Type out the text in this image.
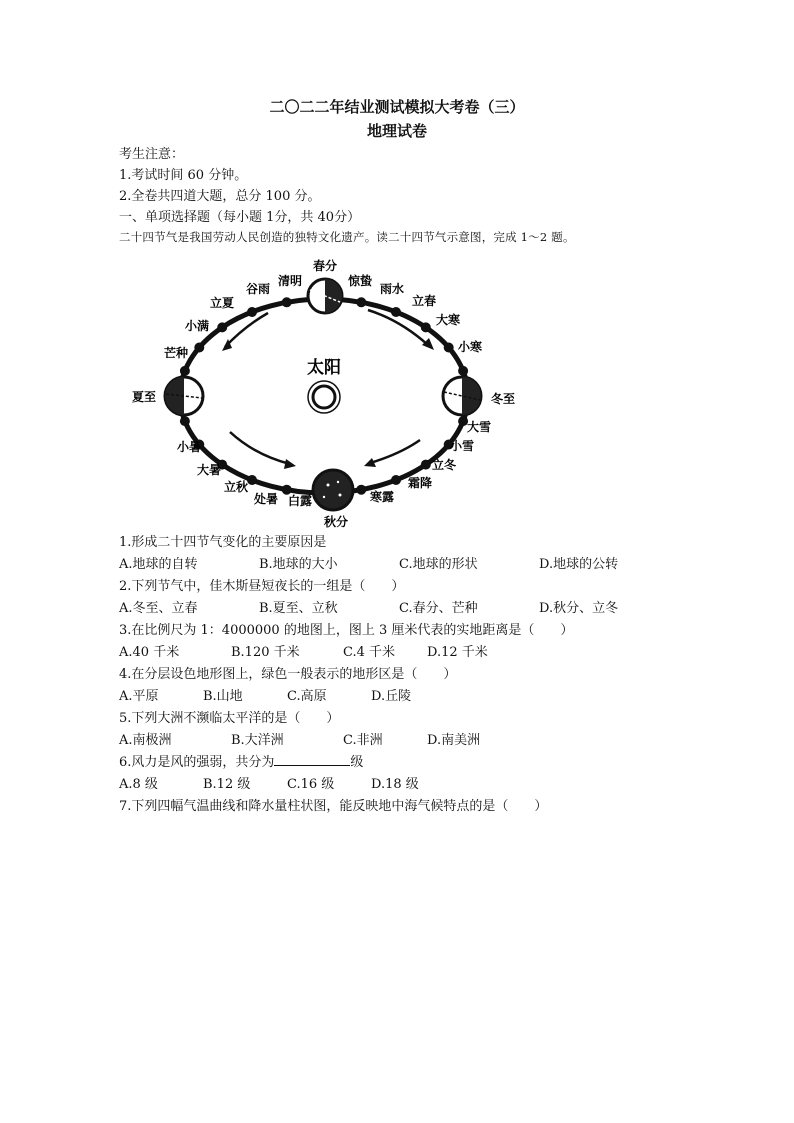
二〇二二年结业测试模拟大考卷（三）
地理试卷
考生注意：
1.考试时间 60 分钟。
2.全卷共四道大题，总分 100 分。
一、单项选择题（每小题 1分，共 40分）
二十四节气是我国劳动人民创造的独特文化遗产。读二十四节气示意图，完成 1～2 题。
太阳
春分
清明
谷雨
立夏
小满
芒种
夏至
小暑
大暑
立秋
处暑 白露
秋分
寒露
霜降
立冬
小雪
大雪
冬至
小寒
大寒
立春
雨水
惊蛰
1.形成二十四节气变化的主要原因是
A.地球的自转	B.地球的大小	C.地球的形状	D.地球的公转
2.下列节气中，佳木斯昼短夜长的一组是（　　）
A.冬至、立春	B.夏至、立秋	C.春分、芒种	D.秋分、立冬
3.在比例尺为 1：4000000 的地图上，图上 3 厘米代表的实地距离是（　　）
A.40 千米	B.120 千米	C.4 千米 D.12 千米
4.在分层设色地形图上，绿色一般表示的地形区是（　　）
A.平原	B.山地	C.高原	D.丘陵
5.下列大洲不濒临太平洋的是（　　）
A.南极洲	B.大洋洲	C.非洲	D.南美洲
6.风力是风的强弱，共分为	级
A.8 级	B.12 级	C.16 级	D.18 级
7.下列四幅气温曲线和降水量柱状图，能反映地中海气候特点的是（　　）
